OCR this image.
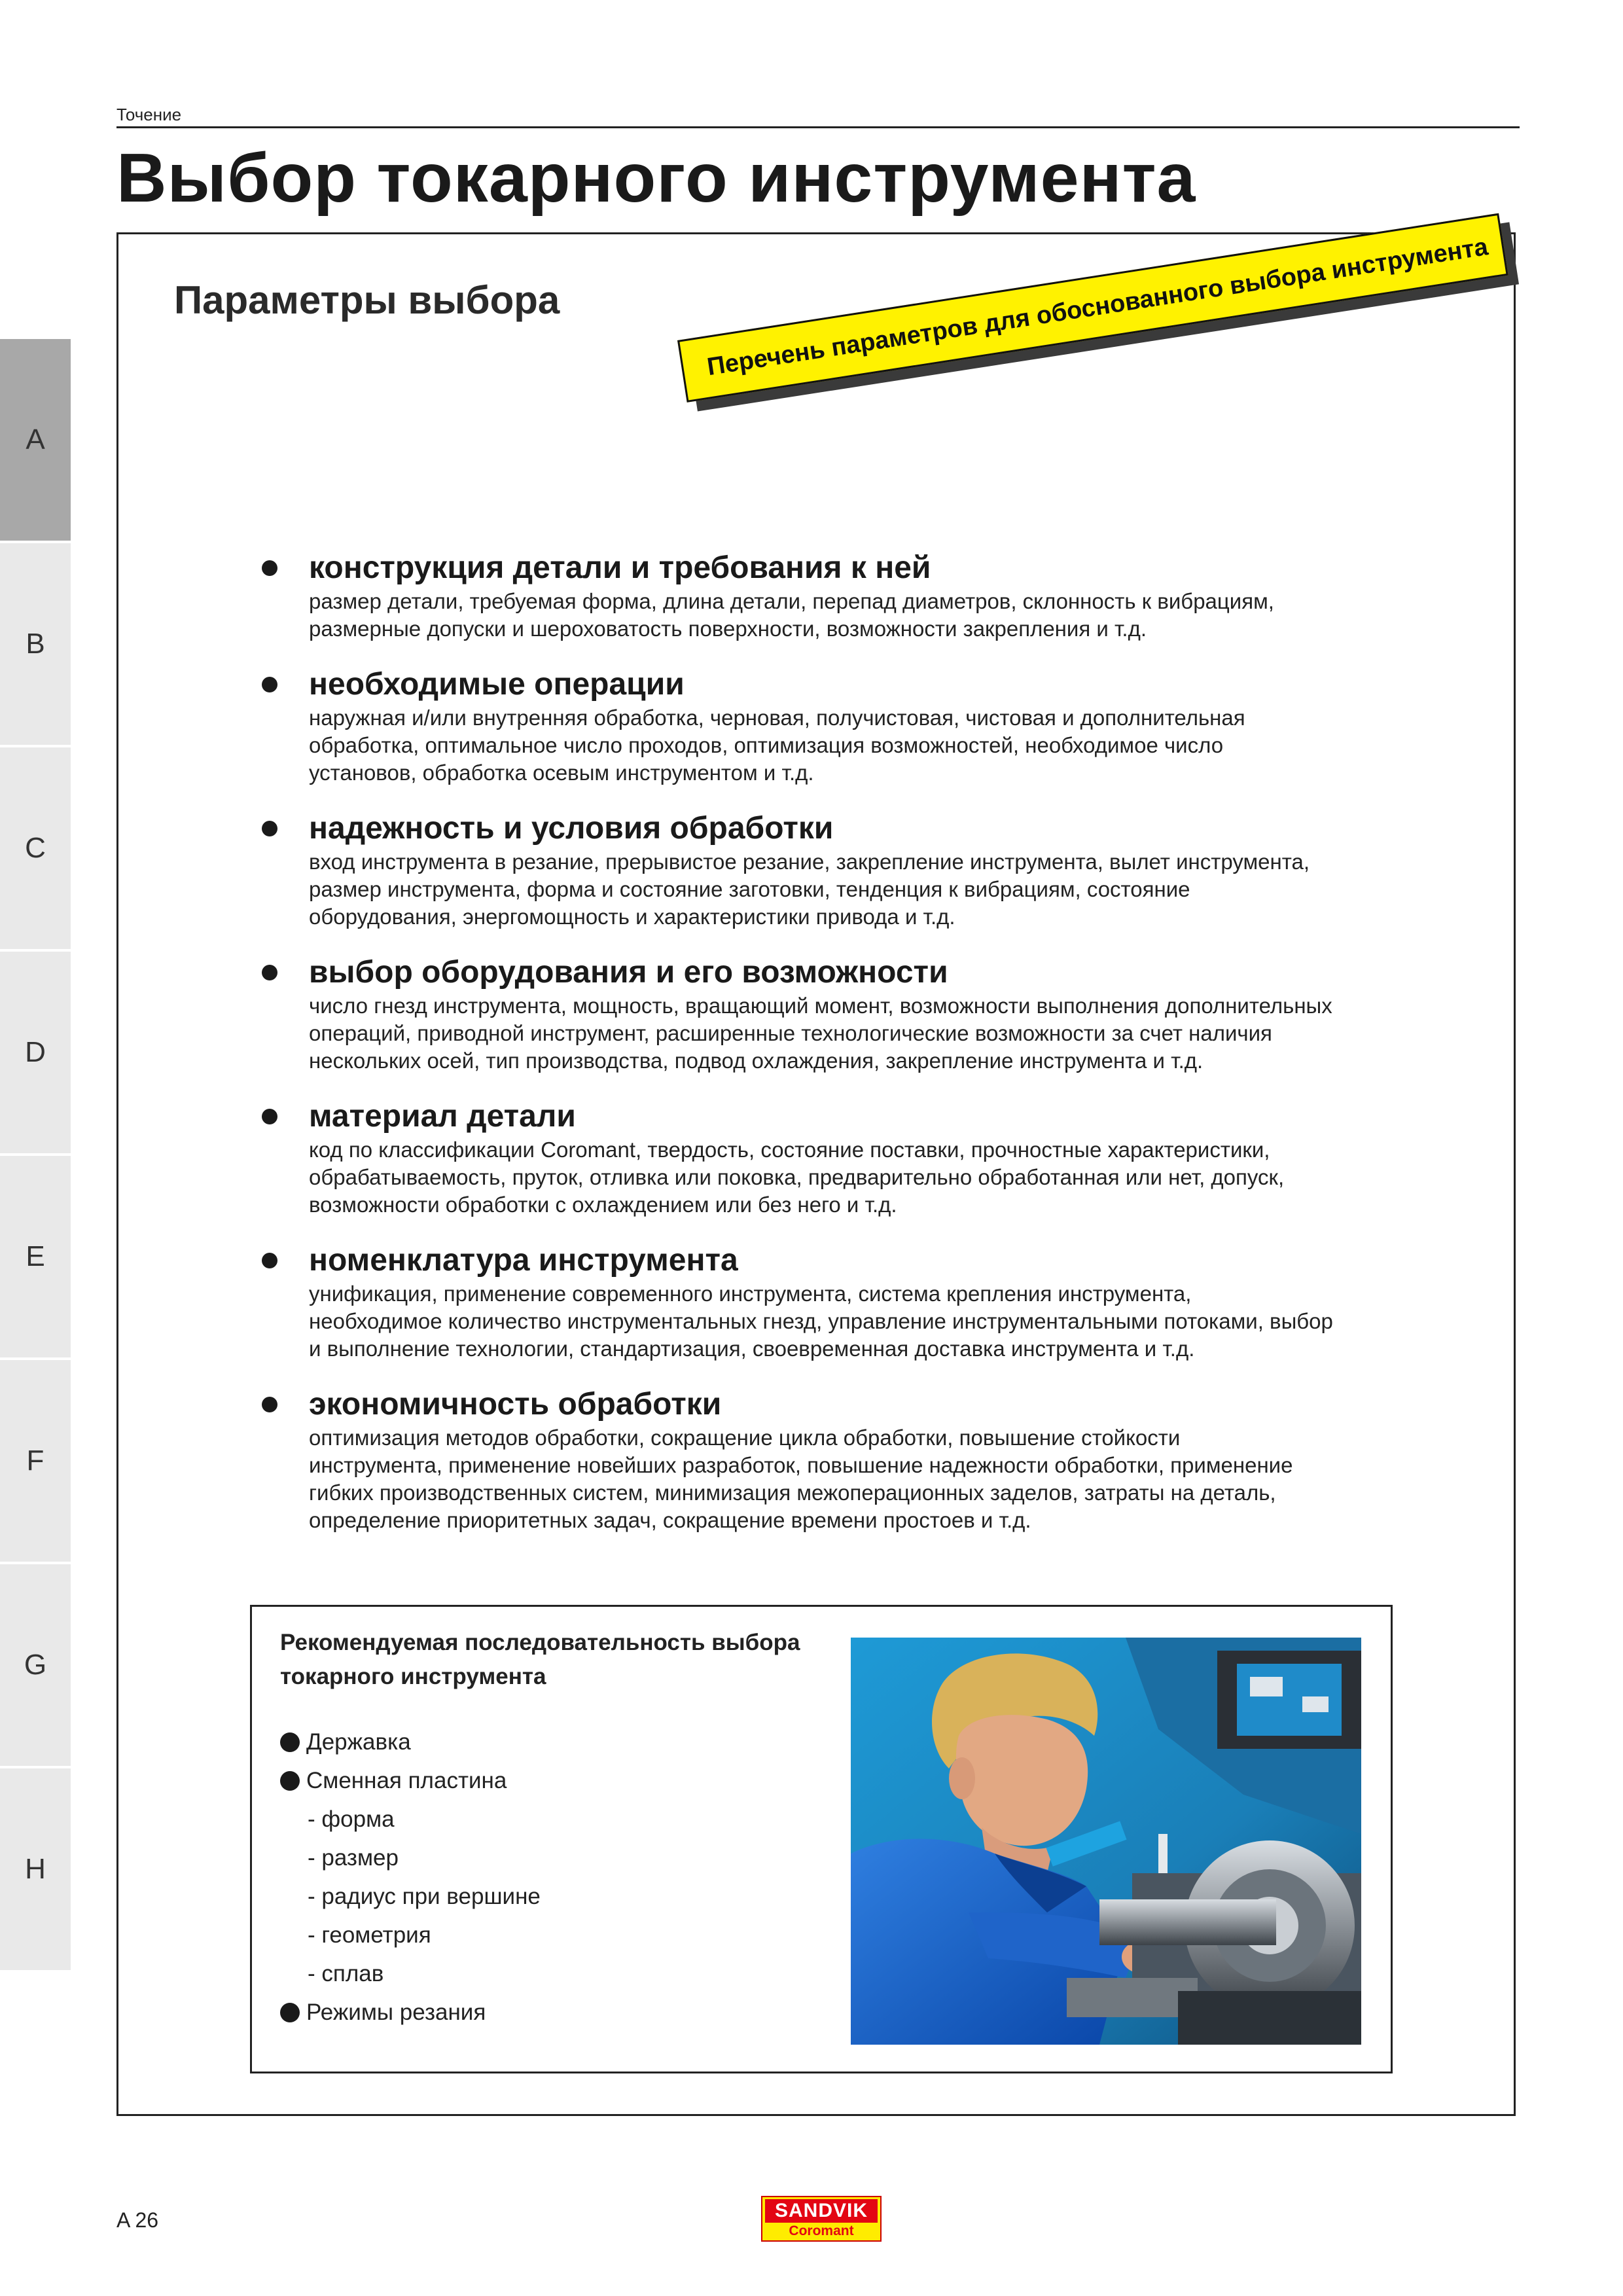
Точение
Выбор токарного инструмента
A
B
C
D
E
F
G
H
Параметры выбора	Перечень параметров для обоснованного выбора инструмента
конструкция детали и требования к ней
размер детали, требуемая форма, длина детали, перепад диаметров, склонность к вибрациям,
размерные допуски и шероховатость поверхности, возможности закрепления и т.д.
необходимые операции
наружная и/или внутренняя обработка, черновая, получистовая, чистовая и дополнительная
обработка, оптимальное число проходов, оптимизация возможностей, необходимое число
установов, обработка осевым инструментом и т.д.
надежность и условия обработки
вход инструмента в резание, прерывистое резание, закрепление инструмента, вылет инструмента,
размер инструмента, форма и состояние заготовки, тенденция к вибрациям, состояние
оборудования, энергомощность и характеристики привода и т.д.
выбор оборудования и его возможности
число гнезд инструмента, мощность, вращающий момент, возможности выполнения дополнительных
операций, приводной инструмент, расширенные технологические возможности за счет наличия
нескольких осей, тип производства, подвод охлаждения, закрепление инструмента и т.д.
материал детали
код по классификации Coromant, твердость, состояние поставки, прочностные характеристики,
обрабатываемость, пруток, отливка или поковка, предварительно обработанная или нет, допуск,
возможности обработки с охлаждением или без него и т.д.
номенклатура инструмента
унификация, применение современного инструмента, система крепления инструмента,
необходимое количество инструментальных гнезд, управление инструментальными потоками, выбор
и выполнение технологии, стандартизация, своевременная доставка инструмента и т.д.
экономичность обработки
оптимизация методов обработки, сокращение цикла обработки, повышение стойкости
инструмента, применение новейших разработок, повышение надежности обработки, применение
гибких производственных систем, минимизация межоперационных заделов, затраты на деталь,
определение приоритетных задач, сокращение времени простоев и т.д.
Рекомендуемая последовательность выбора
токарного инструмента
Державка
Сменная пластина
- форма
- размер
- радиус при вершине
- геометрия
- сплав
Режимы резания
A 26	SANDVIK
Coromant
